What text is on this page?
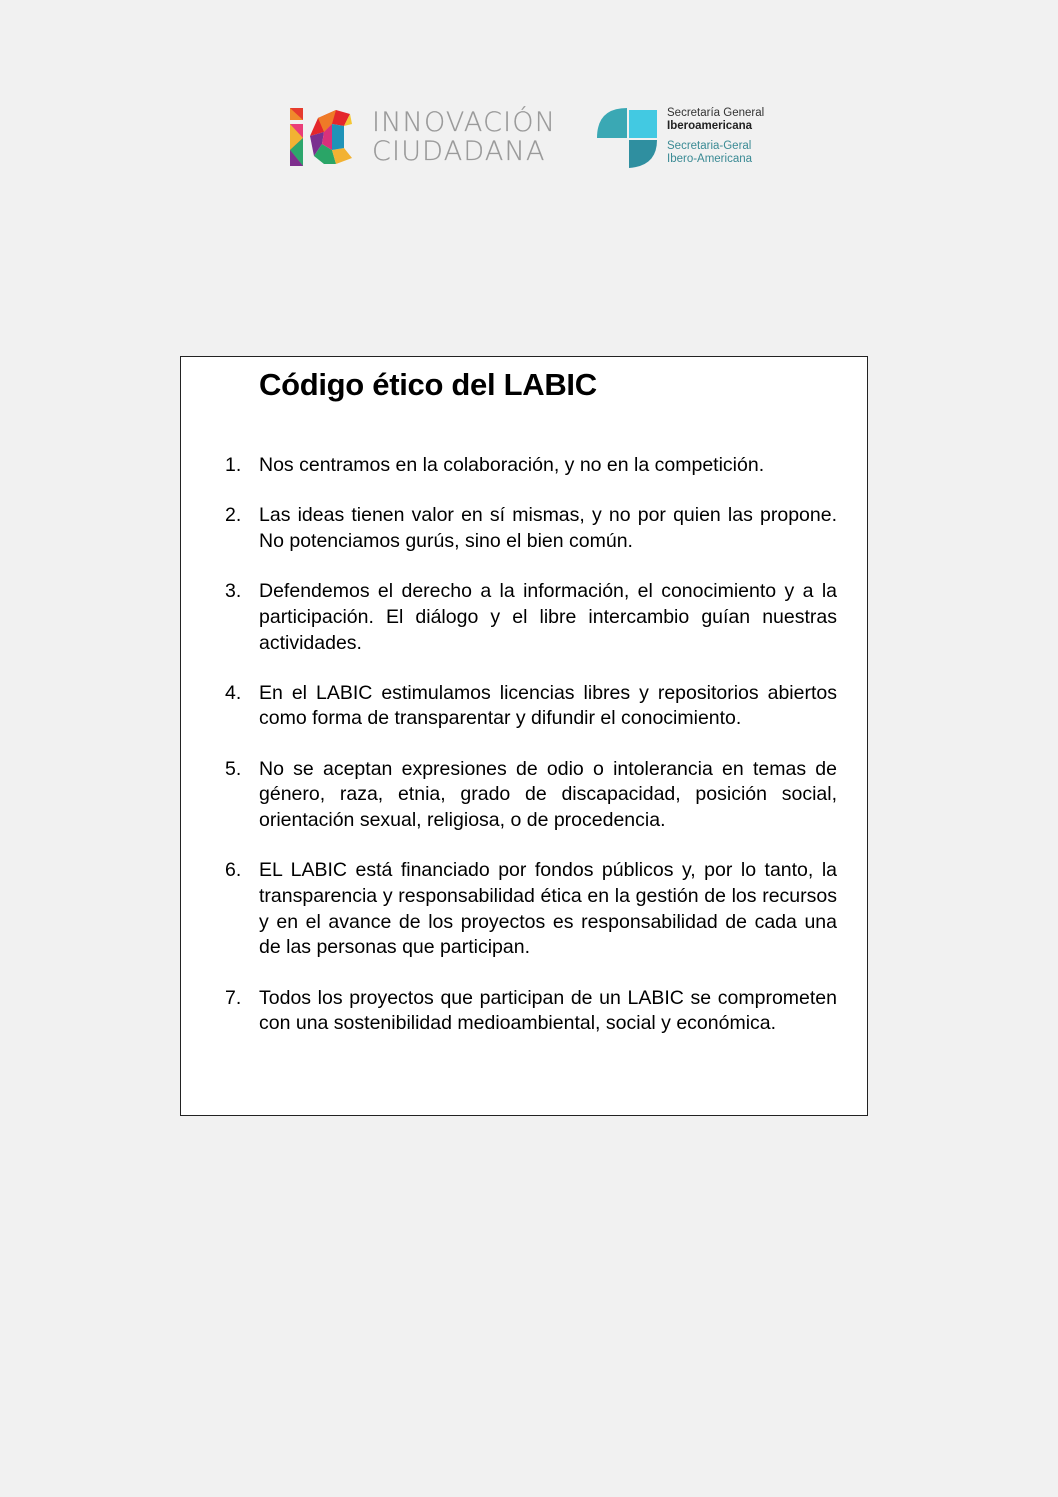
INNOVACIÓN
CIUDADANA
Secretaría General
Iberoamericana
Secretaria-Geral
Ibero-Americana
Código ético del LABIC
1. Nos centramos en la colaboración, y no en la competición.
2. Las ideas tienen valor en sí mismas, y no por quien las propone. No potenciamos gurús, sino el bien común.
3. Defendemos el derecho a la información, el conocimiento y a la participación. El diálogo y el libre intercambio guían nuestras actividades.
4. En el LABIC estimulamos licencias libres y repositorios abiertos como forma de transparentar y difundir el conocimiento.
5. No se aceptan expresiones de odio o intolerancia en temas de género, raza, etnia, grado de discapacidad, posición social, orientación sexual, religiosa, o de procedencia.
6. EL LABIC está financiado por fondos públicos y, por lo tanto, la transparencia y responsabilidad ética en la gestión de los recursos y en el avance de los proyectos es responsabilidad de cada una de las personas que participan.
7. Todos los proyectos que participan de un LABIC se comprometen con una sostenibilidad medioambiental, social y económica.
